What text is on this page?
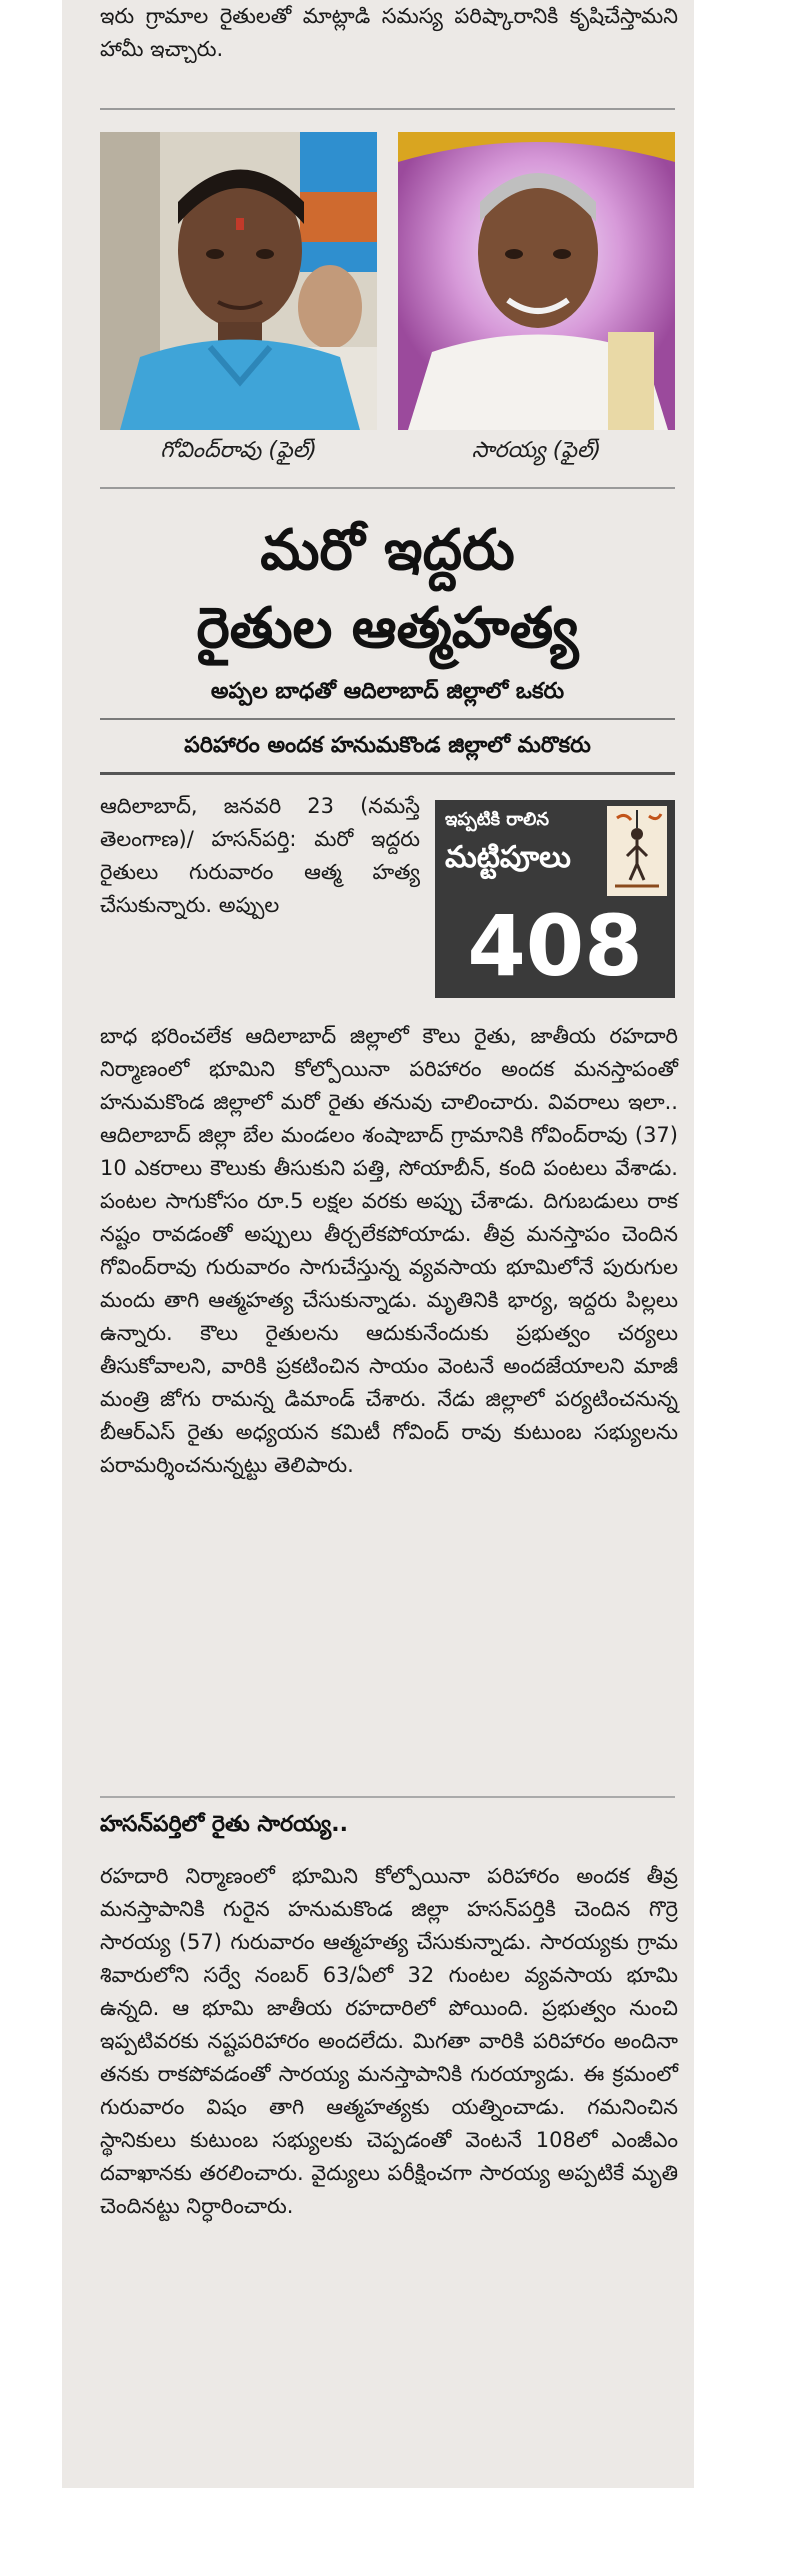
ఇరు గ్రామాల రైతులతో మాట్లాడి సమస్య పరిష్కారానికి కృషిచేస్తామని హామీ ఇచ్చారు.
గోవింద్‌రావు (ఫైల్)	సారయ్య (ఫైల్)
మరో ఇద్దరు
రైతుల ఆత్మహత్య
అప్పల బాధతో ఆదిలాబాద్ జిల్లాలో ఒకరు
పరిహారం అందక హనుమకొండ జిల్లాలో మరొకరు
ఇప్పటికి రాలిన
మట్టిపూలు
408
ఆదిలాబాద్, జనవరి 23 (నమస్తే తెలంగాణ)/ హసన్‌పర్తి: మరో ఇద్దరు రైతులు గురువారం ఆత్మ హత్య చేసుకున్నారు. అప్పుల
బాధ భరించలేక ఆదిలాబాద్ జిల్లాలో కౌలు రైతు, జాతీయ రహదారి నిర్మాణంలో భూమిని కోల్పోయినా పరిహారం అందక మనస్తాపంతో హనుమకొండ జిల్లాలో మరో రైతు తనువు చాలించారు. వివరాలు ఇలా.. ఆదిలాబాద్ జిల్లా బేల మండలం శంషాబాద్ గ్రామానికి గోవింద్‌రావు (37) 10 ఎకరాలు కౌలుకు తీసుకుని పత్తి, సోయాబీన్, కంది పంటలు వేశాడు. పంటల సాగుకోసం రూ.5 లక్షల వరకు అప్పు చేశాడు. దిగుబడులు రాక నష్టం రావడంతో అప్పులు తీర్చలేకపోయాడు. తీవ్ర మనస్తాపం చెందిన గోవింద్‌రావు గురువారం సాగుచేస్తున్న వ్యవసాయ భూమిలోనే పురుగుల మందు తాగి ఆత్మహత్య చేసుకున్నాడు. మృతినికి భార్య, ఇద్దరు పిల్లలు ఉన్నారు. కౌలు రైతులను ఆదుకునేందుకు ప్రభుత్వం చర్యలు తీసుకోవాలని, వారికి ప్రకటించిన సాయం వెంటనే అందజేయాలని మాజీ మంత్రి జోగు రామన్న డిమాండ్ చేశారు. నేడు జిల్లాలో పర్యటించనున్న బీఆర్‌ఎస్ రైతు అధ్యయన కమిటీ గోవింద్ రావు కుటుంబ సభ్యులను పరామర్శించనున్నట్టు తెలిపారు.
హసన్‌పర్తిలో రైతు సారయ్య..
రహదారి నిర్మాణంలో భూమిని కోల్పోయినా పరిహారం అందక తీవ్ర మనస్తాపానికి గురైన హనుమకొండ జిల్లా హసన్‌పర్తికి చెందిన గొర్రె సారయ్య (57) గురువారం ఆత్మహత్య చేసుకున్నాడు. సారయ్యకు గ్రామ శివారులోని సర్వే నంబర్ 63/ఏలో 32 గుంటల వ్యవసాయ భూమి ఉన్నది. ఆ భూమి జాతీయ రహదారిలో పోయింది. ప్రభుత్వం నుంచి ఇప్పటివరకు నష్టపరిహారం అందలేదు. మిగతా వారికి పరిహారం అందినా తనకు రాకపోవడంతో సారయ్య మనస్తాపానికి గురయ్యాడు. ఈ క్రమంలో గురువారం విషం తాగి ఆత్మహత్యకు యత్నించాడు. గమనించిన స్థానికులు కుటుంబ సభ్యులకు చెప్పడంతో వెంటనే 108లో ఎంజీఎం దవాఖానకు తరలించారు. వైద్యులు పరీక్షించగా సారయ్య అప్పటికే మృతి చెందినట్టు నిర్ధారించారు.
